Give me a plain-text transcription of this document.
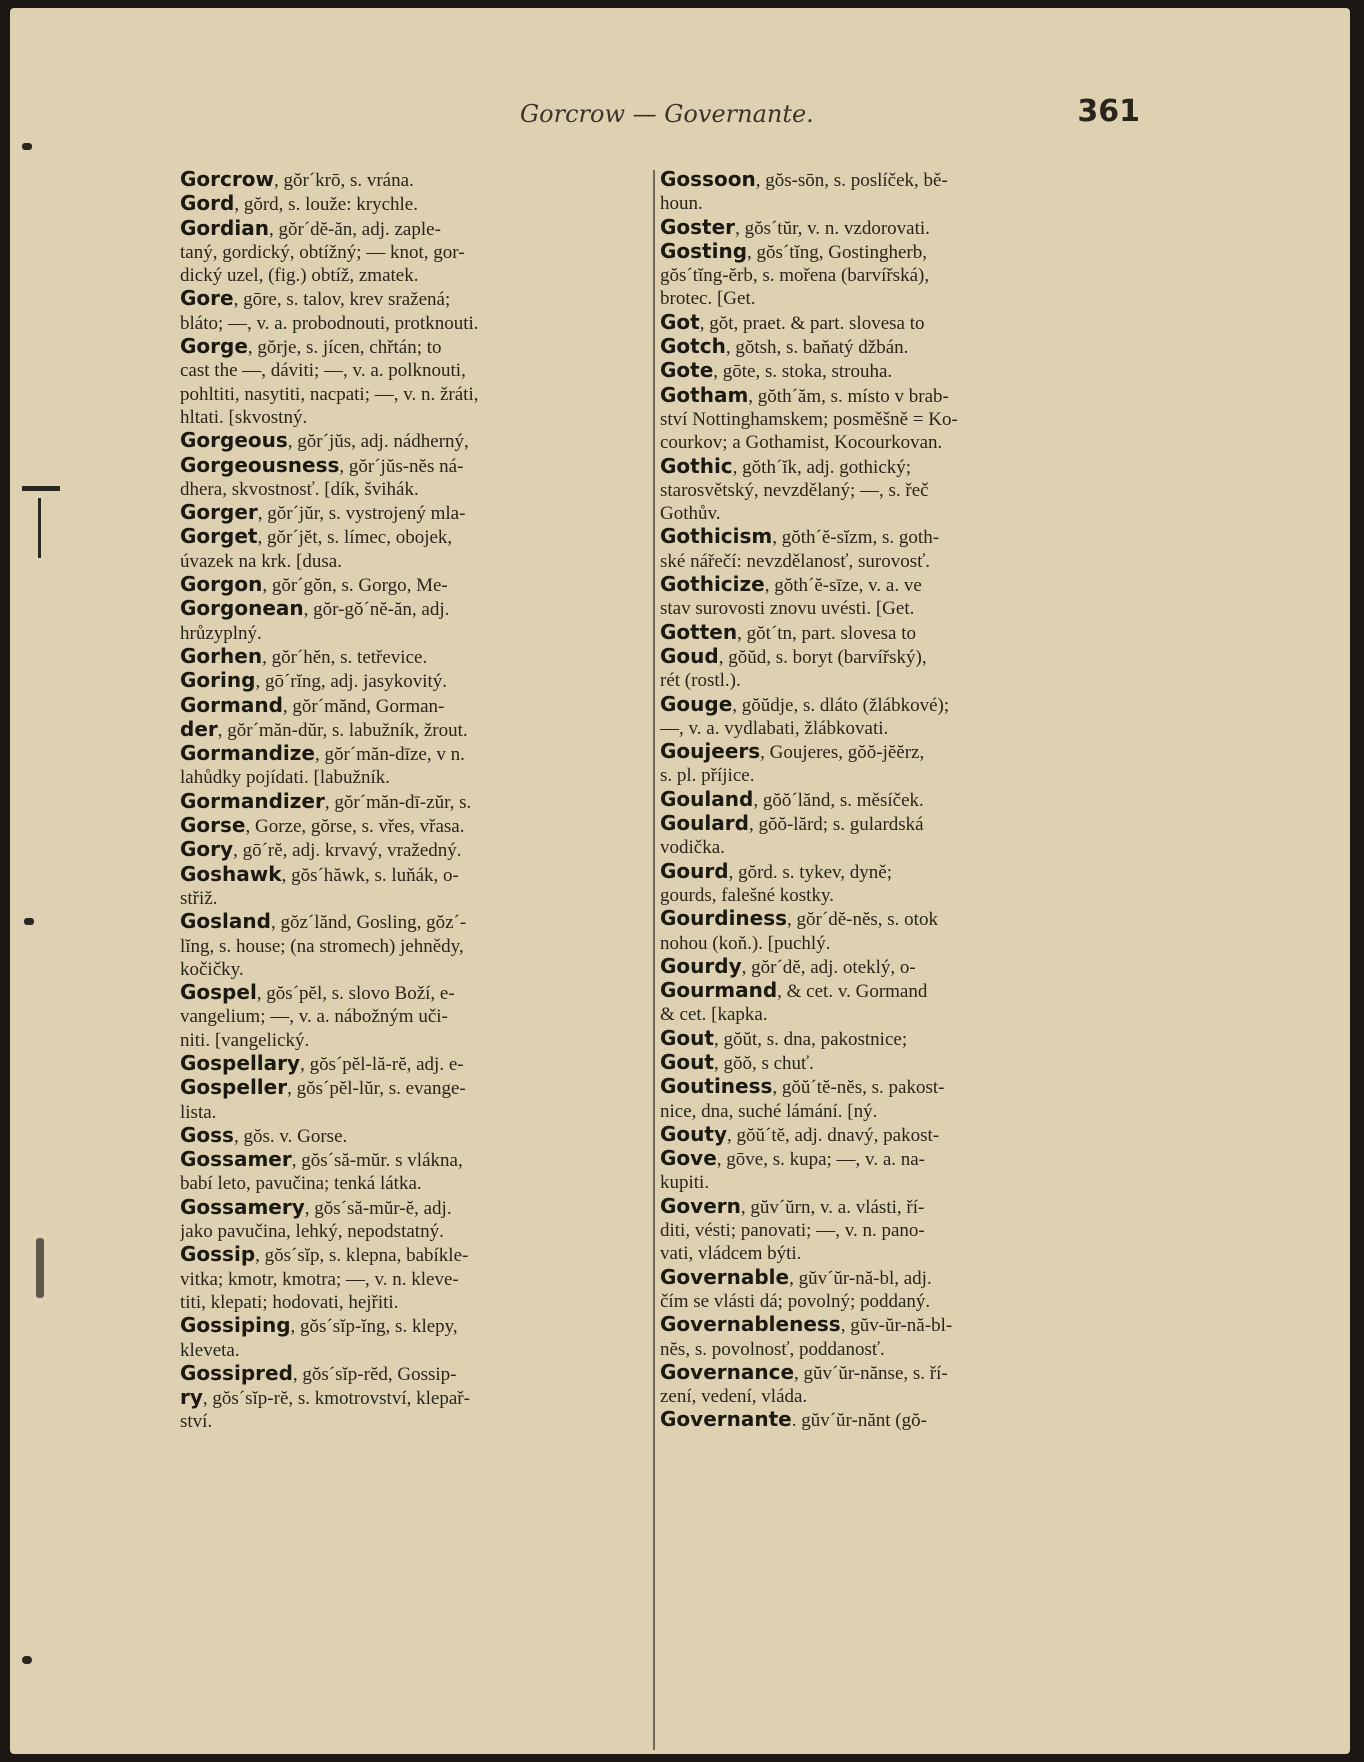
Gorcrow — Governante.	361

Gorcrow, gŏr´krō, s. vrána.

Gord, gŏrd, s. louže: krychle.

Gordian, gŏr´dĕ-ăn, adj. zaple-

taný, gordický, obtížný; — knot, gor-

dický uzel, (fig.) obtíž, zmatek.

Gore, gōre, s. talov, krev sražená;

bláto; —, v. a. probodnouti, protknouti.

Gorge, gŏrje, s. jícen, chřtán; to

cast the —, dáviti; —, v. a. polknouti,

pohltiti, nasytiti, nacpati; —, v. n. žráti,

hltati. [skvostný.

Gorgeous, gŏr´jŭs, adj. nádherný,

Gorgeousness, gŏr´jŭs-nĕs ná-

dhera, skvostnosť. [dík, švihák.

Gorger, gŏr´jŭr, s. vystrojený mla-

Gorget, gŏr´jĕt, s. límec, obojek,

úvazek na krk. [dusa.

Gorgon, gŏr´gŏn, s. Gorgo, Me-

Gorgonean, gŏr-gŏ´nĕ-ăn, adj.

hrůzyplný.

Gorhen, gŏr´hĕn, s. tetřevice.

Goring, gō´rĭng, adj. jasykovitý.

Gormand, gŏr´mănd, Gorman-

der, gŏr´măn-dŭr, s. labužník, žrout.

Gormandize, gŏr´măn-dīze, v n.

lahůdky pojídati. [labužník.

Gormandizer, gŏr´măn-dī-zŭr, s.

Gorse, Gorze, gŏrse, s. vřes, vřasa.

Gory, gō´rĕ, adj. krvavý, vražedný.

Goshawk, gŏs´hăwk, s. luňák, o-

střiž.

Gosland, gŏz´lănd, Gosling, gŏz´-

lĭng, s. house; (na stromech) jehnědy,

kočičky.

Gospel, gŏs´pĕl, s. slovo Boží, e-

vangelium; —, v. a. nábožným uči-

niti. [vangelický.

Gospellary, gŏs´pĕl-lă-rĕ, adj. e-

Gospeller, gŏs´pĕl-lŭr, s. evange-

lista.

Goss, gŏs. v. Gorse.

Gossamer, gŏs´să-mŭr. s vlákna,

babí leto, pavučina; tenká látka.

Gossamery, gŏs´să-mŭr-ĕ, adj.

jako pavučina, lehký, nepodstatný.

Gossip, gŏs´sĭp, s. klepna, babíkle-

vitka; kmotr, kmotra; —, v. n. kleve-

titi, klepati; hodovati, hejřiti.

Gossiping, gŏs´sĭp-ĭng, s. klepy,

kleveta.

Gossipred, gŏs´sĭp-rĕd, Gossip-

ry, gŏs´sĭp-rĕ, s. kmotrovství, klepař-

ství.

Gossoon, gŏs-sōn, s. poslíček, bě-

houn.

Goster, gŏs´tŭr, v. n. vzdorovati.

Gosting, gŏs´tĭng, Gostingherb,

gŏs´tĭng-ĕrb, s. mořena (barvířská),

brotec. [Get.

Got, gŏt, praet. & part. slovesa to

Gotch, gŏtsh, s. baňatý džbán.

Gote, gōte, s. stoka, strouha.

Gotham, gŏth´ăm, s. místo v brab-

ství Nottinghamskem; posměšně = Ko-

courkov; a Gothamist, Kocourkovan.

Gothic, gŏth´ĭk, adj. gothický;

starosvětský, nevzdělaný; —, s. řeč

Gothův.

Gothicism, gŏth´ĕ-sĭzm, s. goth-

ské nářečí: nevzdělanosť, surovosť.

Gothicize, gŏth´ĕ-sīze, v. a. ve

stav surovosti znovu uvésti. [Get.

Gotten, gŏt´tn, part. slovesa to

Goud, gŏŭd, s. boryt (barvířský),

rét (rostl.).

Gouge, gŏŭdje, s. dláto (žlábkové);

—, v. a. vydlabati, žlábkovati.

Goujeers, Goujeres, gŏŏ-jĕĕrz,

s. pl. příjice.

Gouland, gŏŏ´lănd, s. měsíček.

Goulard, gŏŏ-lărd; s. gulardská

vodička.

Gourd, gŏrd. s. tykev, dyně;

gourds, falešné kostky.

Gourdiness, gŏr´dĕ-nĕs, s. otok

nohou (koň.). [puchlý.

Gourdy, gŏr´dĕ, adj. oteklý, o-

Gourmand, & cet. v. Gormand

& cet. [kapka.

Gout, gŏŭt, s. dna, pakostnice;

Gout, gŏŏ, s chuť.

Goutiness, gŏŭ´tĕ-nĕs, s. pakost-

nice, dna, suché lámání. [ný.

Gouty, gŏŭ´tĕ, adj. dnavý, pakost-

Gove, gōve, s. kupa; —, v. a. na-

kupiti.

Govern, gŭv´ŭrn, v. a. vlásti, ří-

diti, vésti; panovati; —, v. n. pano-

vati, vládcem býti.

Governable, gŭv´ŭr-nă-bl, adj.

čím se vlásti dá; povolný; poddaný.

Governableness, gŭv-ŭr-nă-bl-

nĕs, s. povolnosť, poddanosť.

Governance, gŭv´ŭr-nănse, s. ří-

zení, vedení, vláda.

Governante. gŭv´ŭr-nănt (gŏ-
